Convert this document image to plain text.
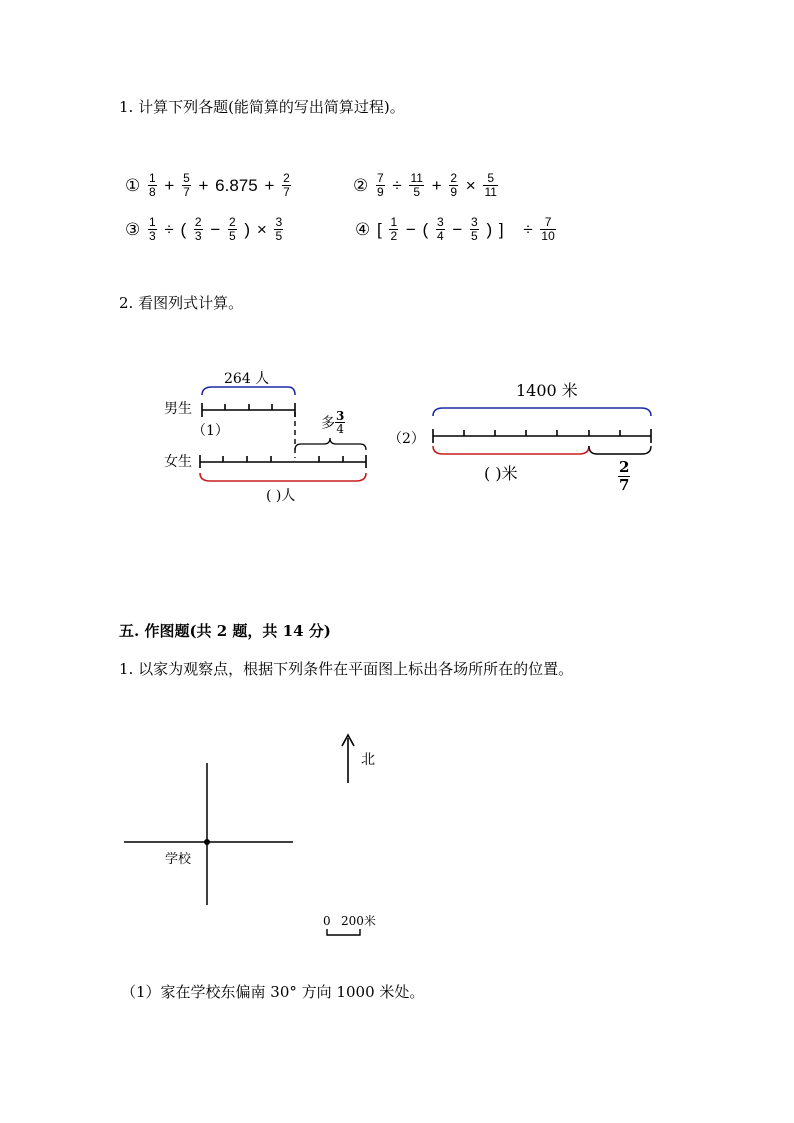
1. 计算下列各题(能简算的写出简算过程)。
① $\frac{1}{8} + \frac{5}{7} + 6.875 + \frac{2}{7}$	② $\frac{7}{9} \div \frac{11}{5} + \frac{2}{9} \times \frac{5}{11}$
③ $\frac{1}{3}$ ÷ ( $\frac{2}{3} - \frac{2}{5}$ ) × $\frac{3}{5}$	④ [ $\frac{1}{2}$ − ( $\frac{3}{4} - \frac{3}{5}$ ) ] ÷ $\frac{7}{10}$
2. 看图列式计算。
（1）
264 人
男生
女生
多 $\frac{3}{4}$
( )人
（2）
1400 米
( )米	$\frac{2}{7}$
五. 作图题(共 2 题，共 14 分)
1. 以家为观察点，根据下列条件在平面图上标出各场所所在的位置。
北
学校
0 200米
（1）家在学校东偏南 30° 方向 1000 米处。
